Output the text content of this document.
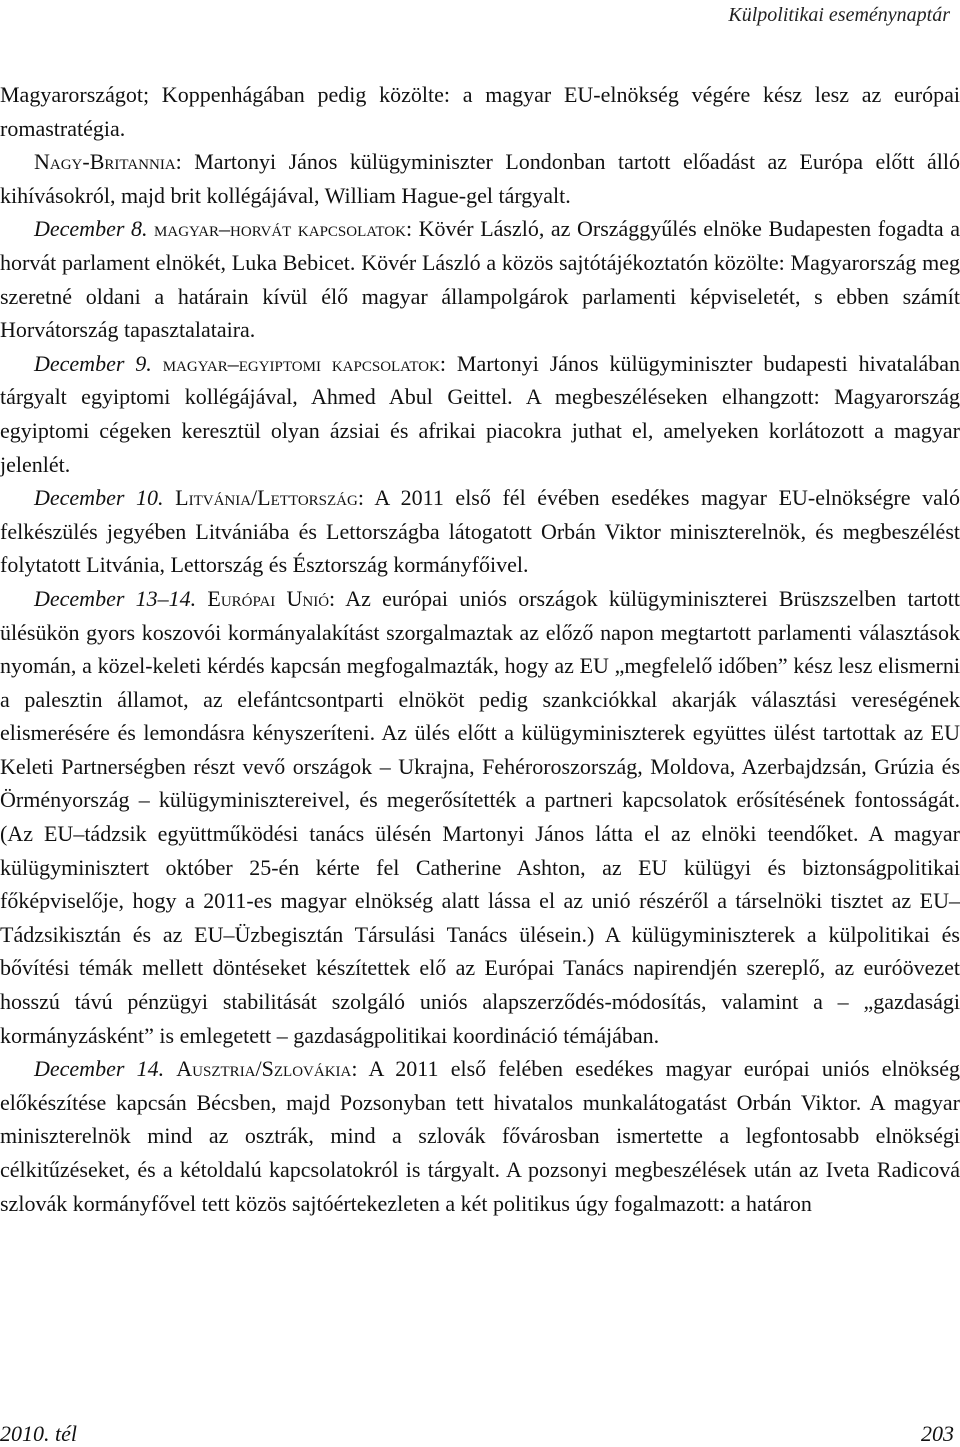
Külpolitikai eseménynaptár

Magyarországot; Koppenhágában pedig közölte: a magyar EU-elnökség végére kész lesz az európai romastratégia.

Nagy-Britannia: Martonyi János külügyminiszter Londonban tartott előadást az Európa előtt álló kihívásokról, majd brit kollégájával, William Hague-gel tárgyalt.

December 8. magyar–horvát kapcsolatok: Kövér László, az Országgyűlés elnöke Budapesten fogadta a horvát parlament elnökét, Luka Bebicet. Kövér László a közös sajtótájékoztatón közölte: Magyarország meg szeretné oldani a határain kívül élő magyar állampolgárok parlamenti képviseletét, s ebben számít Horvátország tapasztalataira.

December 9. magyar–egyiptomi kapcsolatok: Martonyi János külügyminiszter budapesti hivatalában tárgyalt egyiptomi kollégájával, Ahmed Abul Geittel. A megbeszéléseken elhangzott: Magyarország egyiptomi cégeken keresztül olyan ázsiai és afrikai piacokra juthat el, amelyeken korlátozott a magyar jelenlét.

December 10. Litvánia/Lettország: A 2011 első fél évében esedékes magyar EU-elnökségre való felkészülés jegyében Litvániába és Lettországba látogatott Orbán Viktor miniszterelnök, és megbeszélést folytatott Litvánia, Lettország és Észtország kormányfőivel.

December 13–14. Európai Unió: Az európai uniós országok külügyminiszterei Brüszszelben tartott ülésükön gyors koszovói kormányalakítást szorgalmaztak az előző napon megtartott parlamenti választások nyomán, a közel-keleti kérdés kapcsán megfogalmazták, hogy az EU „megfelelő időben” kész lesz elismerni a palesztin államot, az elefántcsontparti elnököt pedig szankciókkal akarják választási vereségének elismerésére és lemondásra kényszeríteni. Az ülés előtt a külügyminiszterek együttes ülést tartottak az EU Keleti Partnerségben részt vevő országok – Ukrajna, Fehéroroszország, Moldova, Azerbajdzsán, Grúzia és Örményország – külügyminisztereivel, és megerősítették a partneri kapcsolatok erősítésének fontosságát. (Az EU–tádzsik együttműködési tanács ülésén Martonyi János látta el az elnöki teendőket. A magyar külügyminisztert október 25-én kérte fel Catherine Ashton, az EU külügyi és biztonságpolitikai főképviselője, hogy a 2011-es magyar elnökség alatt lássa el az unió részéről a társelnöki tisztet az EU–Tádzsikisztán és az EU–Üzbegisztán Társulási Tanács ülésein.) A külügyminiszterek a külpolitikai és bővítési témák mellett döntéseket készítettek elő az Európai Tanács napirendjén szereplő, az euróövezet hosszú távú pénzügyi stabilitását szolgáló uniós alapszerződés-módosítás, valamint a – „gazdasági kormányzásként” is emlegetett – gazdaságpolitikai koordináció témájában.

December 14. Ausztria/Szlovákia: A 2011 első felében esedékes magyar európai uniós elnökség előkészítése kapcsán Bécsben, majd Pozsonyban tett hivatalos munkalátogatást Orbán Viktor. A magyar miniszterelnök mind az osztrák, mind a szlovák fővárosban ismertette a legfontosabb elnökségi célkitűzéseket, és a kétoldalú kapcsolatokról is tárgyalt. A pozsonyi megbeszélések után az Iveta Radicová szlovák kormányfővel tett közös sajtóértekezleten a két politikus úgy fogalmazott: a határon

2010. tél	203
